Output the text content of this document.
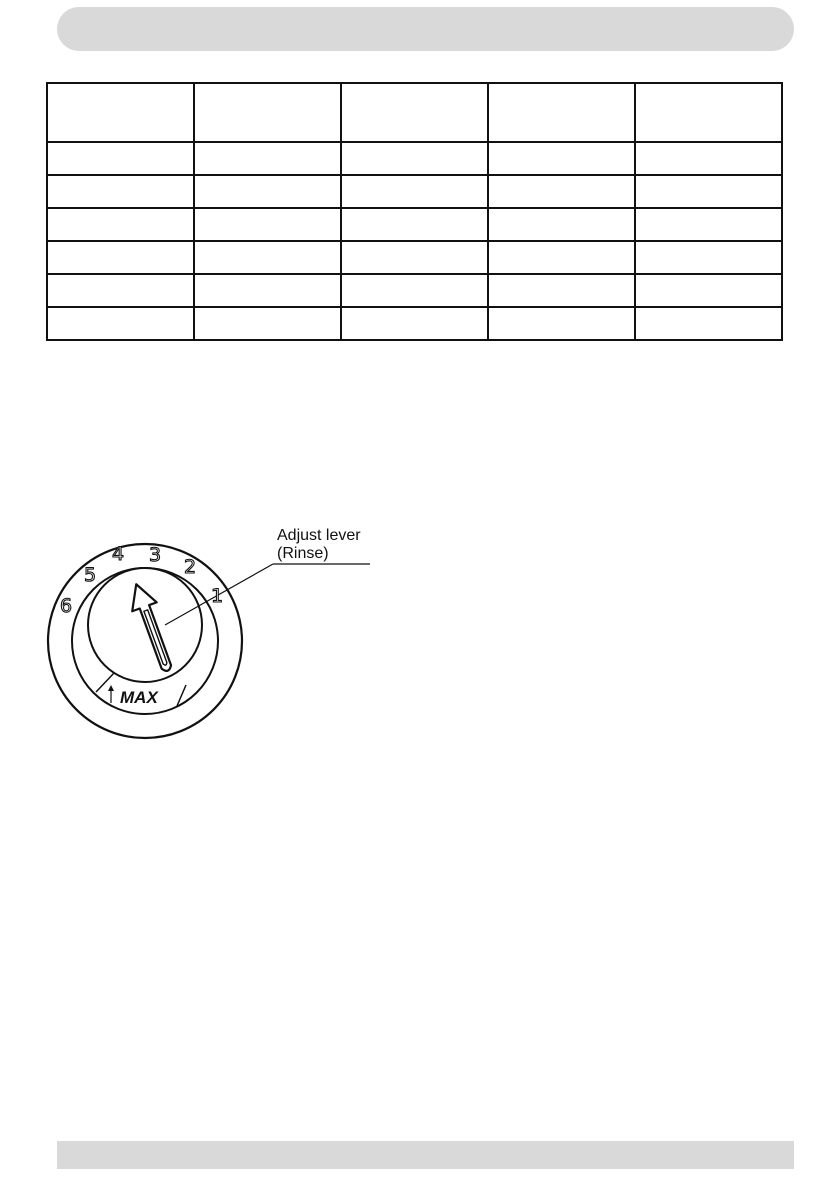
6
5
4 3
2
1
MAX
Adjust lever
(Rinse)
